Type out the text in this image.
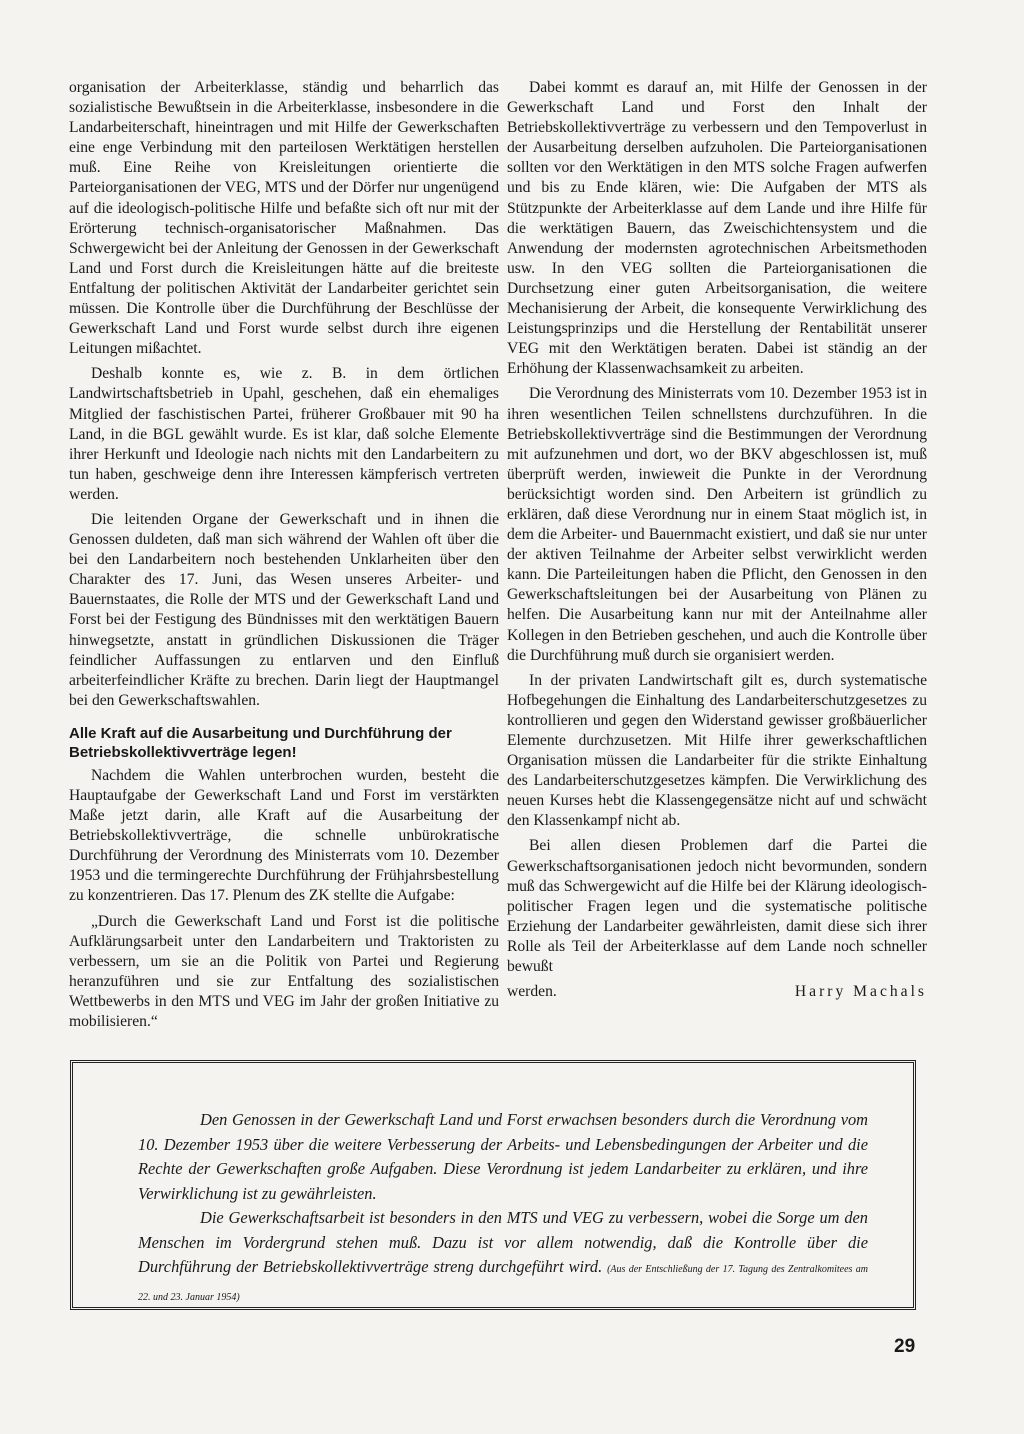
organisation der Arbeiterklasse, ständig und beharrlich das sozialistische Bewußtsein in die Arbeiterklasse, insbesondere in die Landarbeiterschaft, hineintragen und mit Hilfe der Gewerkschaften eine enge Verbindung mit den parteilosen Werktätigen herstellen muß. Eine Reihe von Kreisleitungen orientierte die Parteiorganisationen der VEG, MTS und der Dörfer nur ungenügend auf die ideologisch-politische Hilfe und befaßte sich oft nur mit der Erörterung technisch-organisatorischer Maßnahmen. Das Schwergewicht bei der Anleitung der Genossen in der Gewerkschaft Land und Forst durch die Kreisleitungen hätte auf die breiteste Entfaltung der politischen Aktivität der Landarbeiter gerichtet sein müssen. Die Kontrolle über die Durchführung der Beschlüsse der Gewerkschaft Land und Forst wurde selbst durch ihre eigenen Leitungen mißachtet.

Deshalb konnte es, wie z. B. in dem örtlichen Landwirtschaftsbetrieb in Upahl, geschehen, daß ein ehemaliges Mitglied der faschistischen Partei, früherer Großbauer mit 90 ha Land, in die BGL gewählt wurde. Es ist klar, daß solche Elemente ihrer Herkunft und Ideologie nach nichts mit den Landarbeitern zu tun haben, geschweige denn ihre Interessen kämpferisch vertreten werden.

Die leitenden Organe der Gewerkschaft und in ihnen die Genossen duldeten, daß man sich während der Wahlen oft über die bei den Landarbeitern noch bestehenden Unklarheiten über den Charakter des 17. Juni, das Wesen unseres Arbeiter- und Bauernstaates, die Rolle der MTS und der Gewerkschaft Land und Forst bei der Festigung des Bündnisses mit den werktätigen Bauern hinwegsetzte, anstatt in gründlichen Diskussionen die Träger feindlicher Auffassungen zu entlarven und den Einfluß arbeiterfeindlicher Kräfte zu brechen. Darin liegt der Hauptmangel bei den Gewerkschaftswahlen.

Alle Kraft auf die Ausarbeitung und Durchführung der Betriebskollektivverträge legen!

Nachdem die Wahlen unterbrochen wurden, besteht die Hauptaufgabe der Gewerkschaft Land und Forst im verstärkten Maße jetzt darin, alle Kraft auf die Ausarbeitung der Betriebskollektivverträge, die schnelle unbürokratische Durchführung der Verordnung des Ministerrats vom 10. Dezember 1953 und die termingerechte Durchführung der Frühjahrsbestellung zu konzentrieren. Das 17. Plenum des ZK stellte die Aufgabe:

„Durch die Gewerkschaft Land und Forst ist die politische Aufklärungsarbeit unter den Landarbeitern und Traktoristen zu verbessern, um sie an die Politik von Partei und Regierung heranzuführen und sie zur Entfaltung des sozialistischen Wettbewerbs in den MTS und VEG im Jahr der großen Initiative zu mobilisieren.“

Dabei kommt es darauf an, mit Hilfe der Genossen in der Gewerkschaft Land und Forst den Inhalt der Betriebskollektivverträge zu verbessern und den Tempoverlust in der Ausarbeitung derselben aufzuholen. Die Parteiorganisationen sollten vor den Werktätigen in den MTS solche Fragen aufwerfen und bis zu Ende klären, wie: Die Aufgaben der MTS als Stützpunkte der Arbeiterklasse auf dem Lande und ihre Hilfe für die werktätigen Bauern, das Zweischichtensystem und die Anwendung der modernsten agrotechnischen Arbeitsmethoden usw. In den VEG sollten die Parteiorganisationen die Durchsetzung einer guten Arbeitsorganisation, die weitere Mechanisierung der Arbeit, die konsequente Verwirklichung des Leistungsprinzips und die Herstellung der Rentabilität unserer VEG mit den Werktätigen beraten. Dabei ist ständig an der Erhöhung der Klassenwachsamkeit zu arbeiten.

Die Verordnung des Ministerrats vom 10. Dezember 1953 ist in ihren wesentlichen Teilen schnellstens durchzuführen. In die Betriebskollektivverträge sind die Bestimmungen der Verordnung mit aufzunehmen und dort, wo der BKV abgeschlossen ist, muß überprüft werden, inwieweit die Punkte in der Verordnung berücksichtigt worden sind. Den Arbeitern ist gründlich zu erklären, daß diese Verordnung nur in einem Staat möglich ist, in dem die Arbeiter- und Bauernmacht existiert, und daß sie nur unter der aktiven Teilnahme der Arbeiter selbst verwirklicht werden kann. Die Parteileitungen haben die Pflicht, den Genossen in den Gewerkschaftsleitungen bei der Ausarbeitung von Plänen zu helfen. Die Ausarbeitung kann nur mit der Anteilnahme aller Kollegen in den Betrieben geschehen, und auch die Kontrolle über die Durchführung muß durch sie organisiert werden.

In der privaten Landwirtschaft gilt es, durch systematische Hofbegehungen die Einhaltung des Landarbeiterschutzgesetzes zu kontrollieren und gegen den Widerstand gewisser großbäuerlicher Elemente durchzusetzen. Mit Hilfe ihrer gewerkschaftlichen Organisation müssen die Landarbeiter für die strikte Einhaltung des Landarbeiterschutzgesetzes kämpfen. Die Verwirklichung des neuen Kurses hebt die Klassengegensätze nicht auf und schwächt den Klassenkampf nicht ab.

Bei allen diesen Problemen darf die Partei die Gewerkschaftsorganisationen jedoch nicht bevormunden, sondern muß das Schwergewicht auf die Hilfe bei der Klärung ideologisch-politischer Fragen legen und die systematische politische Erziehung der Landarbeiter gewährleisten, damit diese sich ihrer Rolle als Teil der Arbeiterklasse auf dem Lande noch schneller bewußt

werden.	Harry Machals

Den Genossen in der Gewerkschaft Land und Forst erwachsen besonders durch die Verordnung vom 10. Dezember 1953 über die weitere Verbesserung der Arbeits- und Lebensbedingungen der Arbeiter und die Rechte der Gewerkschaften große Aufgaben. Diese Verordnung ist jedem Landarbeiter zu erklären, und ihre Verwirklichung ist zu gewährleisten.

Die Gewerkschaftsarbeit ist besonders in den MTS und VEG zu verbessern, wobei die Sorge um den Menschen im Vordergrund stehen muß. Dazu ist vor allem notwendig, daß die Kontrolle über die Durchführung der Betriebskollektivverträge streng durchgeführt wird. (Aus der Entschließung der 17. Tagung des Zentralkomitees am 22. und 23. Januar 1954)

29
